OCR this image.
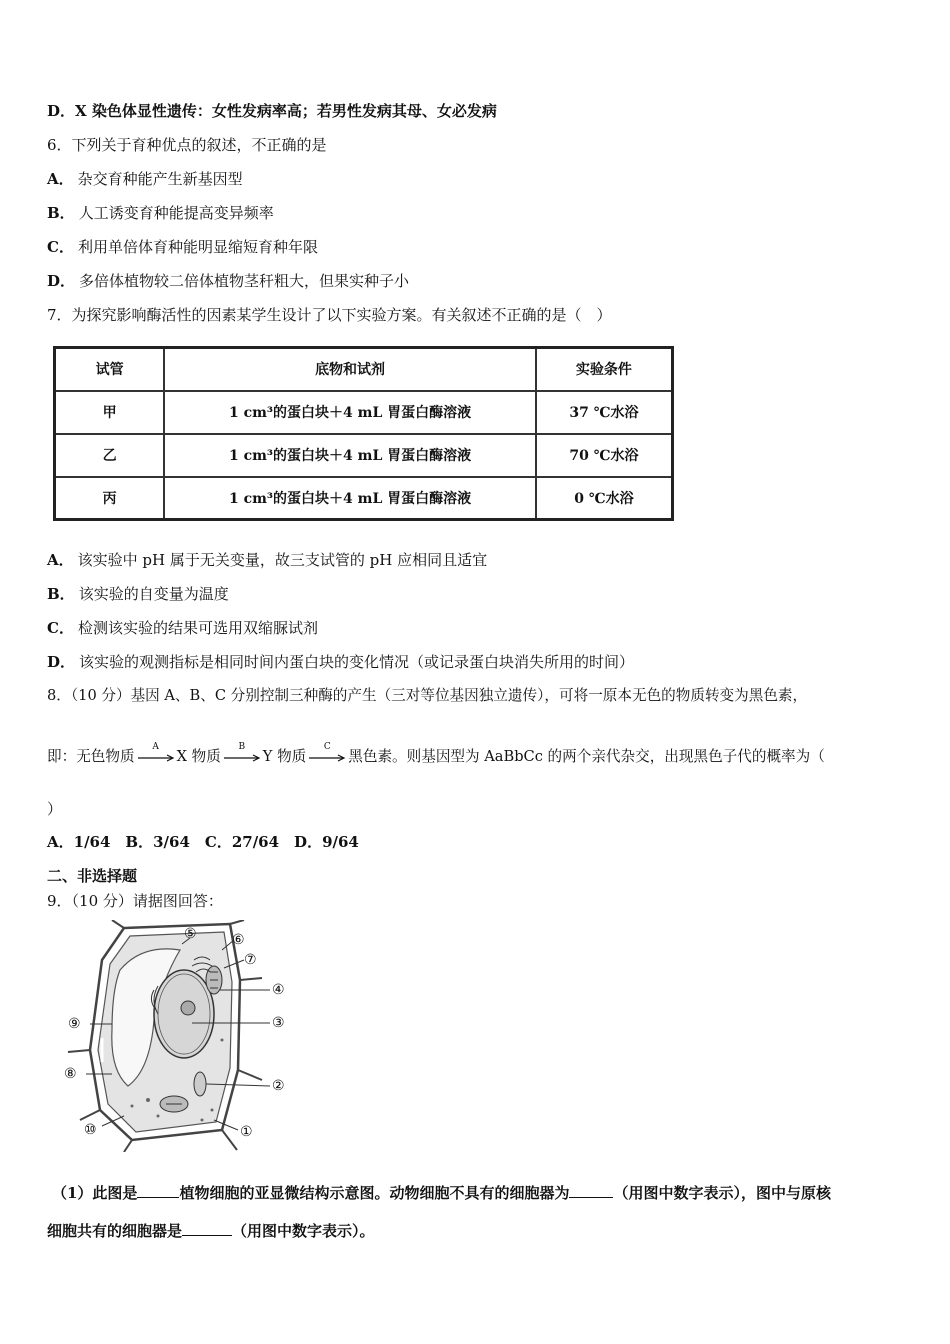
D．X 染色体显性遗传：女性发病率高；若男性发病其母、女必发病
6．下列关于育种优点的叙述，不正确的是
A． 杂交育种能产生新基因型
B． 人工诱变育种能提高变异频率
C． 利用单倍体育种能明显缩短育种年限
D． 多倍体植物较二倍体植物茎秆粗大，但果实种子小
7．为探究影响酶活性的因素某学生设计了以下实验方案。有关叙述不正确的是（　）
试管	底物和试剂	实验条件
甲	1 cm³的蛋白块＋4 mL 胃蛋白酶溶液	37 ℃水浴
乙	1 cm³的蛋白块＋4 mL 胃蛋白酶溶液	70 ℃水浴
丙	1 cm³的蛋白块＋4 mL 胃蛋白酶溶液	0 ℃水浴
A． 该实验中 pH 属于无关变量，故三支试管的 pH 应相同且适宜
B． 该实验的自变量为温度
C． 检测该实验的结果可选用双缩脲试剂
D． 该实验的观测指标是相同时间内蛋白块的变化情况（或记录蛋白块消失所用的时间）
8．（10 分）基因 A、B、C 分别控制三种酶的产生（三对等位基因独立遗传），可将一原本无色的物质转变为黑色素，
即：无色物质
A
X 物质
B
Y 物质
C
黑色素。则基因型为 AaBbCc 的两个亲代杂交，出现黑色子代的概率为（
）
A．1/64　B．3/64　C．27/64　D．9/64
二、非选择题
9．（10 分）请据图回答：
⑤	⑥
⑦
④
③
②
①
⑨
⑧
⑩
（1）此图是	植物细胞的亚显微结构示意图。动物细胞不具有的细胞器为	（用图中数字表示），图中与原核
细胞共有的细胞器是	（用图中数字表示）。
